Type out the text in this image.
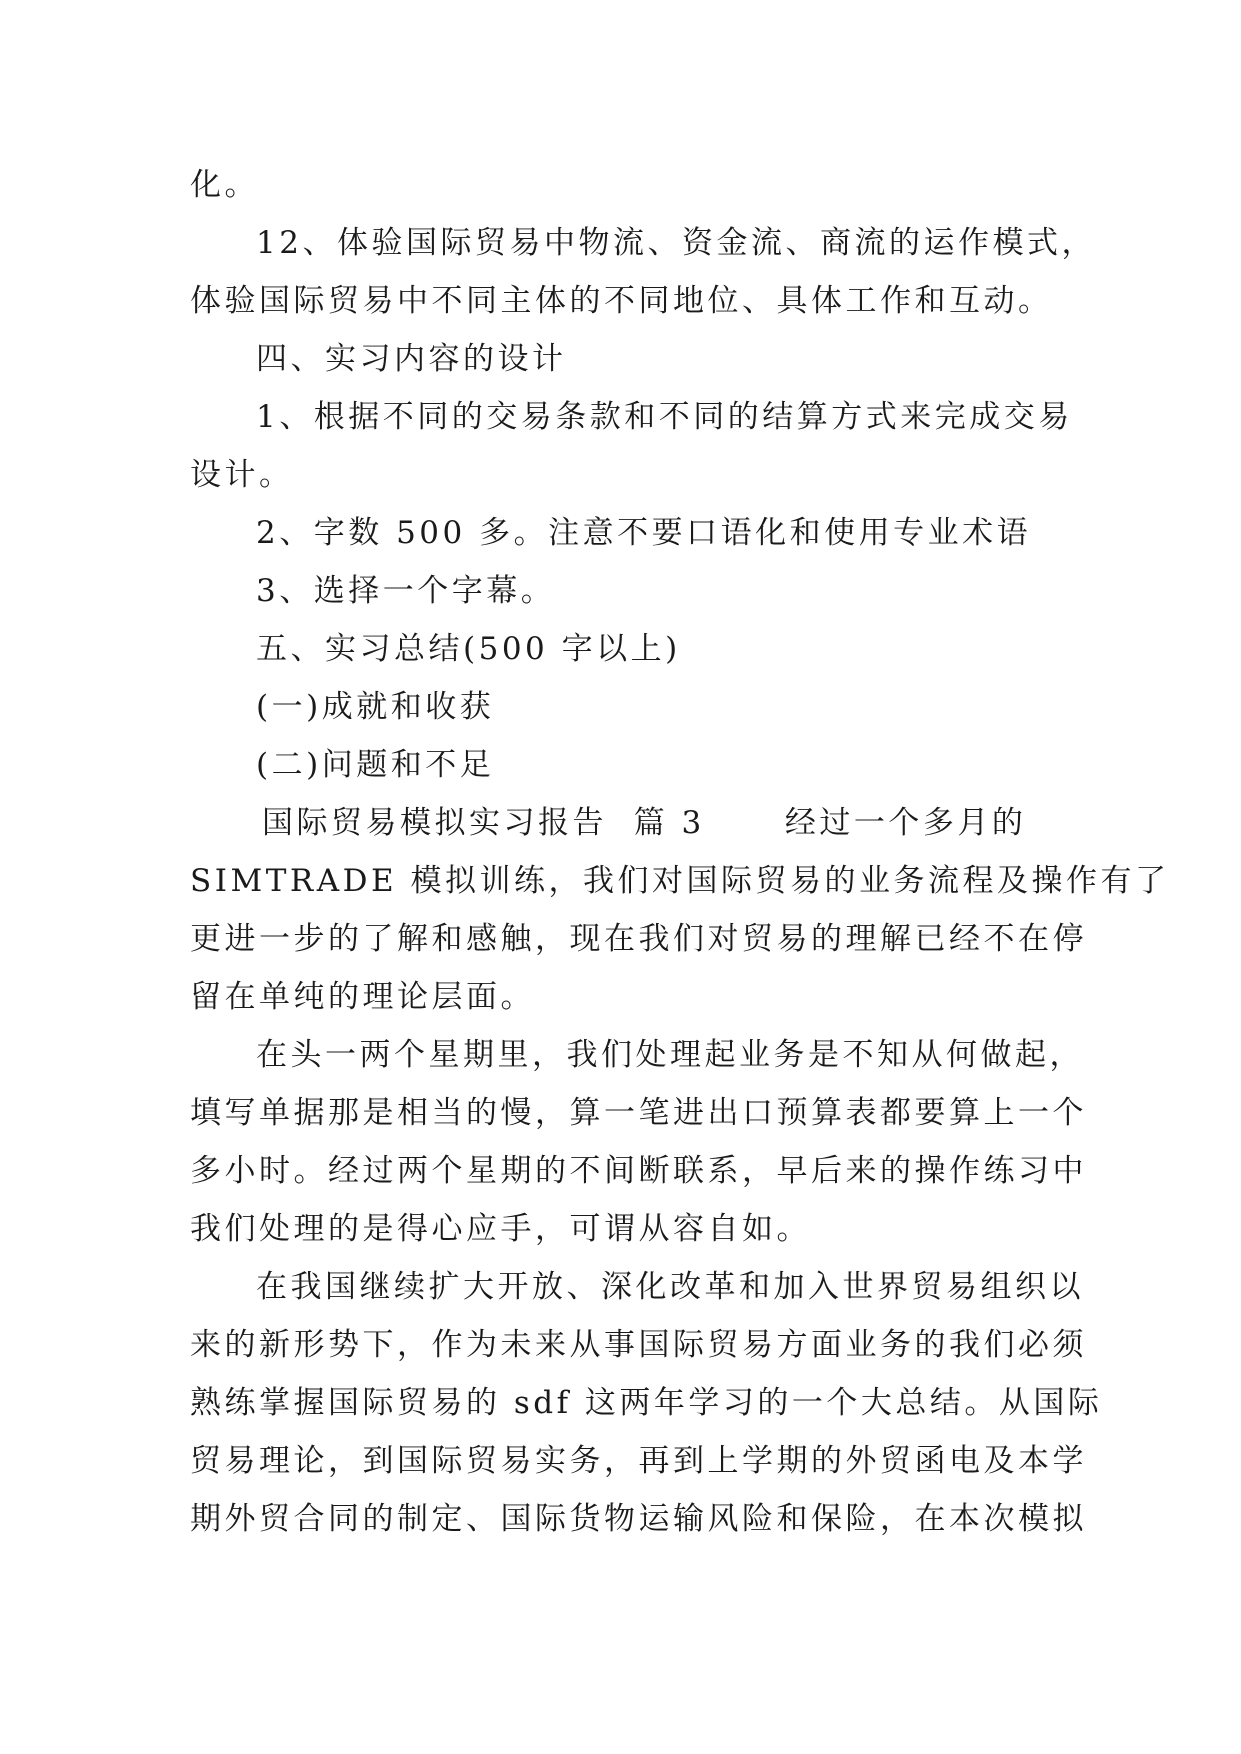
化。

12、体验国际贸易中物流、资金流、商流的运作模式，

体验国际贸易中不同主体的不同地位、具体工作和互动。

四、实习内容的设计

1、根据不同的交易条款和不同的结算方式来完成交易

设计。

2、字数 500 多。注意不要口语化和使用专业术语

3、选择一个字幕。

五、实习总结(500 字以上)

(一)成就和收获

(二)问题和不足

国际贸易模拟实习报告  篇 3      经过一个多月的

SIMTRADE 模拟训练，我们对国际贸易的业务流程及操作有了

更进一步的了解和感触，现在我们对贸易的理解已经不在停

留在单纯的理论层面。

在头一两个星期里，我们处理起业务是不知从何做起，

填写单据那是相当的慢，算一笔进出口预算表都要算上一个

多小时。经过两个星期的不间断联系，早后来的操作练习中

我们处理的是得心应手，可谓从容自如。

在我国继续扩大开放、深化改革和加入世界贸易组织以

来的新形势下，作为未来从事国际贸易方面业务的我们必须

熟练掌握国际贸易的 sdf 这两年学习的一个大总结。从国际

贸易理论，到国际贸易实务，再到上学期的外贸函电及本学

期外贸合同的制定、国际货物运输风险和保险，在本次模拟
